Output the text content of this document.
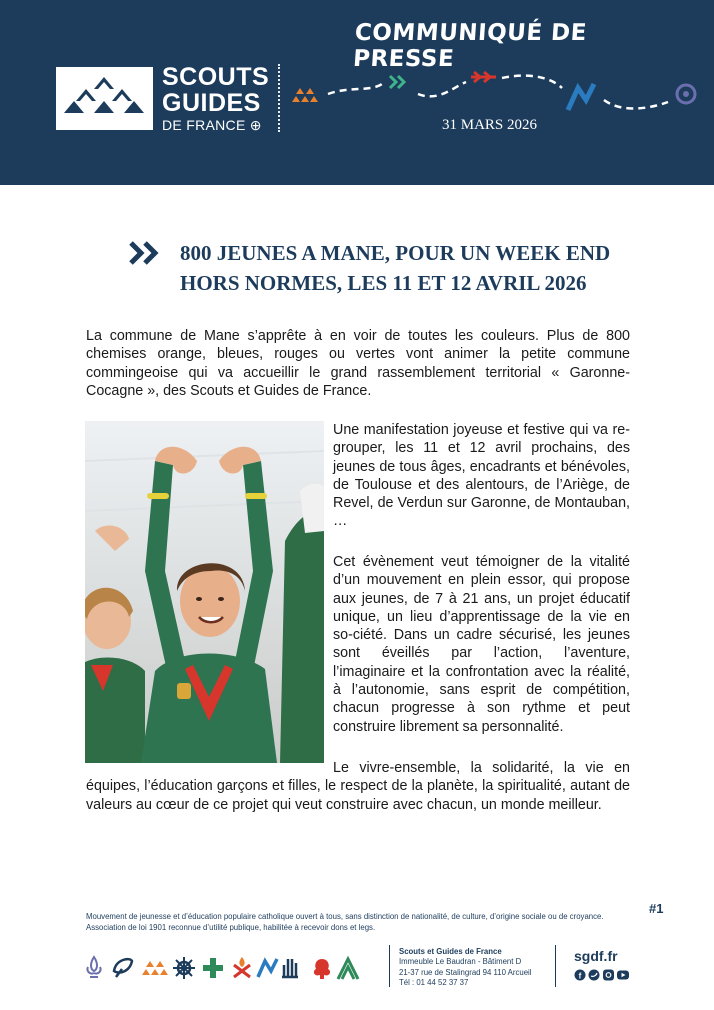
COMMUNIQUÉ DE PRESSE
SCOUTS
GUIDES
DE FRANCE ⊕	31 MARS 2026
800 JEUNES A MANE, POUR UN WEEK END
HORS NORMES, LES 11 ET 12 AVRIL 2026

La commune de Mane s’apprête à en voir de toutes les couleurs. Plus de 800 chemises orange, bleues, rouges ou vertes vont animer la petite commune commingeoise qui va accueillir le grand rassemblement territorial « Garonne-Cocagne », des Scouts et Guides de France.

Une manifestation joyeuse et festive qui va re-grouper, les 11 et 12 avril prochains, des jeunes de tous âges, encadrants et bénévoles, de Toulouse et des alentours, de l’Ariège, de Revel, de Verdun sur Garonne, de Montauban, …

Cet évènement veut témoigner de la vitalité d’un mouvement en plein essor, qui propose aux jeunes, de 7 à 21 ans, un projet éducatif unique, un lieu d’apprentissage de la vie en so-ciété. Dans un cadre sécurisé, les jeunes sont éveillés par l’action, l’aventure, l’imaginaire et la confrontation avec la réalité, à l’autonomie, sans esprit de compétition, chacun progresse à son rythme et peut construire librement sa personnalité.

Le vivre-ensemble, la solidarité, la vie en équipes, l’éducation garçons et filles, le respect de la planète, la spiritualité, autant de valeurs au cœur de ce projet qui veut construire avec chacun, un monde meilleur.

Mouvement de jeunesse et d’éducation populaire catholique ouvert à tous, sans distinction de nationalité, de culture, d’origine sociale ou de croyance. Association de loi 1901 reconnue d’utilité publique, habilitée à recevoir dons et legs.

#1
Scouts et Guides de France
Immeuble Le Baudran - Bâtiment D
21-37 rue de Stalingrad 94 110 Arcueil
Tél : 01 44 52 37 37
sgdf.fr
f
